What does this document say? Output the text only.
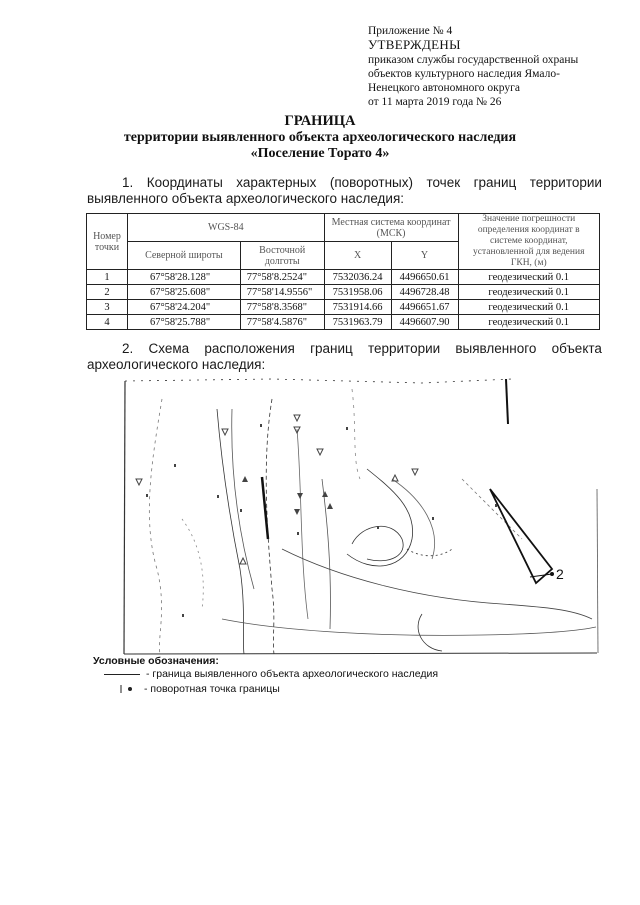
Приложение № 4
УТВЕРЖДЕНЫ
приказом службы государственной охраны
объектов культурного наследия Ямало-
Ненецкого автономного округа
от 11 марта 2019 года № 26
ГРАНИЦА
территории выявленного объекта археологического наследия
«Поселение Торато 4»
1. Координаты характерных (поворотных) точек границ территории
выявленного объекта археологического наследия:
Номер точки	WGS-84		Местная система координат (МСК)		Значение погрешности определения координат в системе координат, установленной для ведения ГКН, (м)
	Северной широты	Восточной долготы	X	Y	
1	67°58'28.128"	77°58'8.2524"	7532036.24	4496650.61	геодезический 0.1
2	67°58'25.608"	77°58'14.9556"	7531958.06	4496728.48	геодезический 0.1
3	67°58'24.204"	77°58'8.3568"	7531914.66	4496651.67	геодезический 0.1
4	67°58'25.788"	77°58'4.5876"	7531963.79	4496607.90	геодезический 0.1
2. Схема расположения границ территории выявленного объекта
археологического наследия:
2
Условные обозначения:
- граница выявленного объекта археологического наследия
- поворотная точка границы
